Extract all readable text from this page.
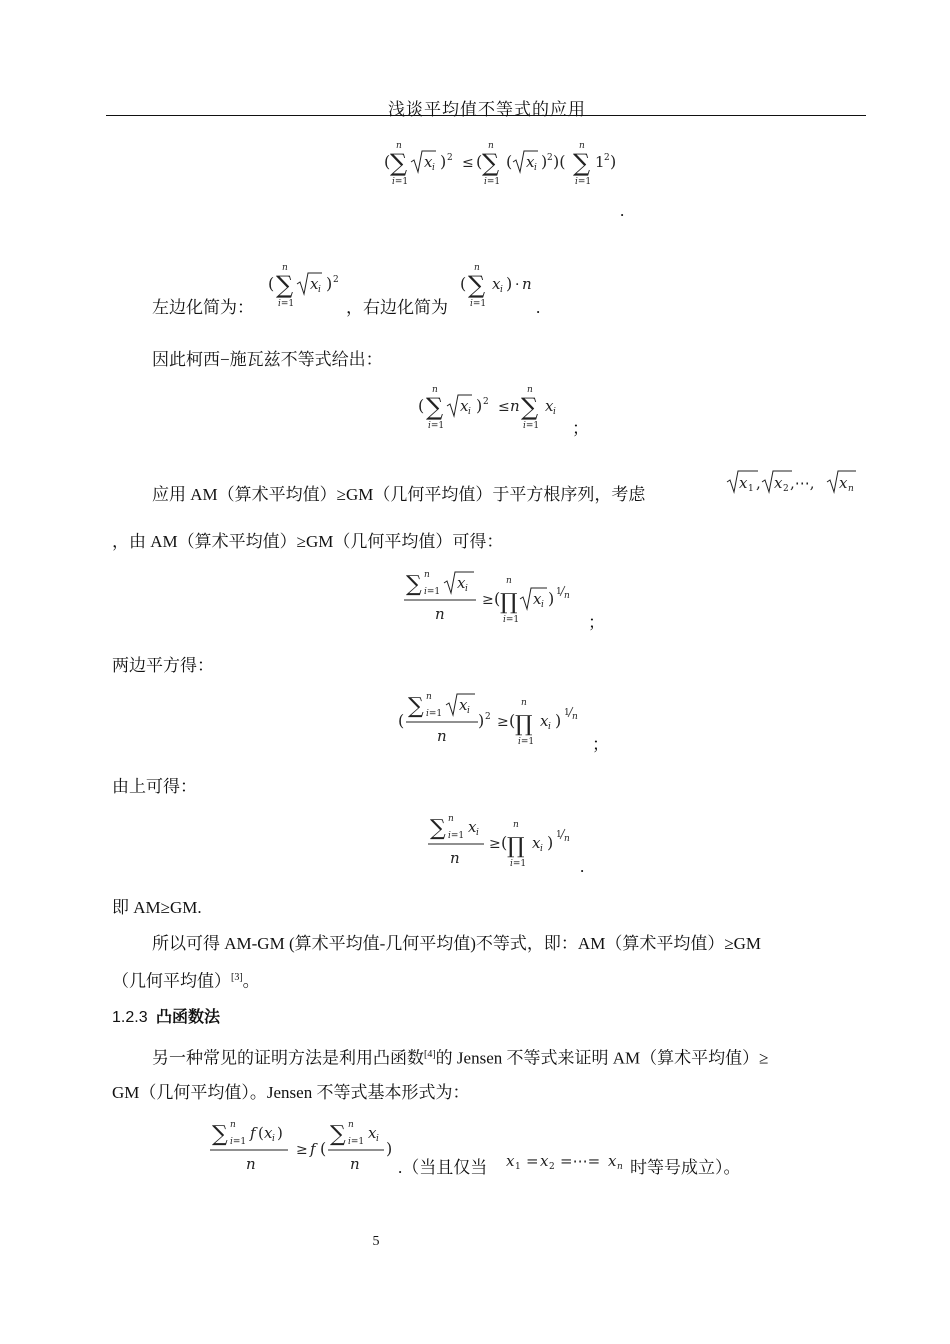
浅谈平均值不等式的应用
(
n
∑
i=1
x i ) 2 ≤ (
n
∑
i=1
( x i ) 2 )(
n
∑
i=1
1 2 )
.
左边化简为：
(
n
∑
i=1
x i ) 2
，右边化简为
(
n
∑
i=1
x i ) · n
.
因此柯西−施瓦兹不等式给出：
(
n
∑
i=1
x i ) 2 ≤ n
n
∑
i=1
x i
；
应用 AM（算术平均值）≥GM（几何平均值）于平方根序列，考虑
x 1 , x 2 ,⋯, x n
，由 AM（算术平均值）≥GM（几何平均值）可得：
∑ n
i=1 x i
n
≥ (
n
∏
i=1
x i ) 1 n
；
两边平方得：
(
∑ n
i=1 x i
n
) 2 ≥ (
n
∏
i=1
x i ) 1 n
；
由上可得：
∑ n
i=1 x i
n
≥ (
n
∏
i=1
x i ) 1 n
.
即 AM≥GM.
所以可得 AM-GM (算术平均值-几何平均值)不等式，即：AM（算术平均值）≥GM
（几何平均值）[3]。
1.2.3 凸函数法
另一种常见的证明方法是利用凸函数[4]的 Jensen 不等式来证明 AM（算术平均值）≥
GM（几何平均值）。Jensen 不等式基本形式为：
∑ n
i=1 f ( x i )
n
≥ f (
∑ n
i=1 x i
n
)
.（当且仅当 x 1 = x 2 =⋯= x n 时等号成立）。
5
